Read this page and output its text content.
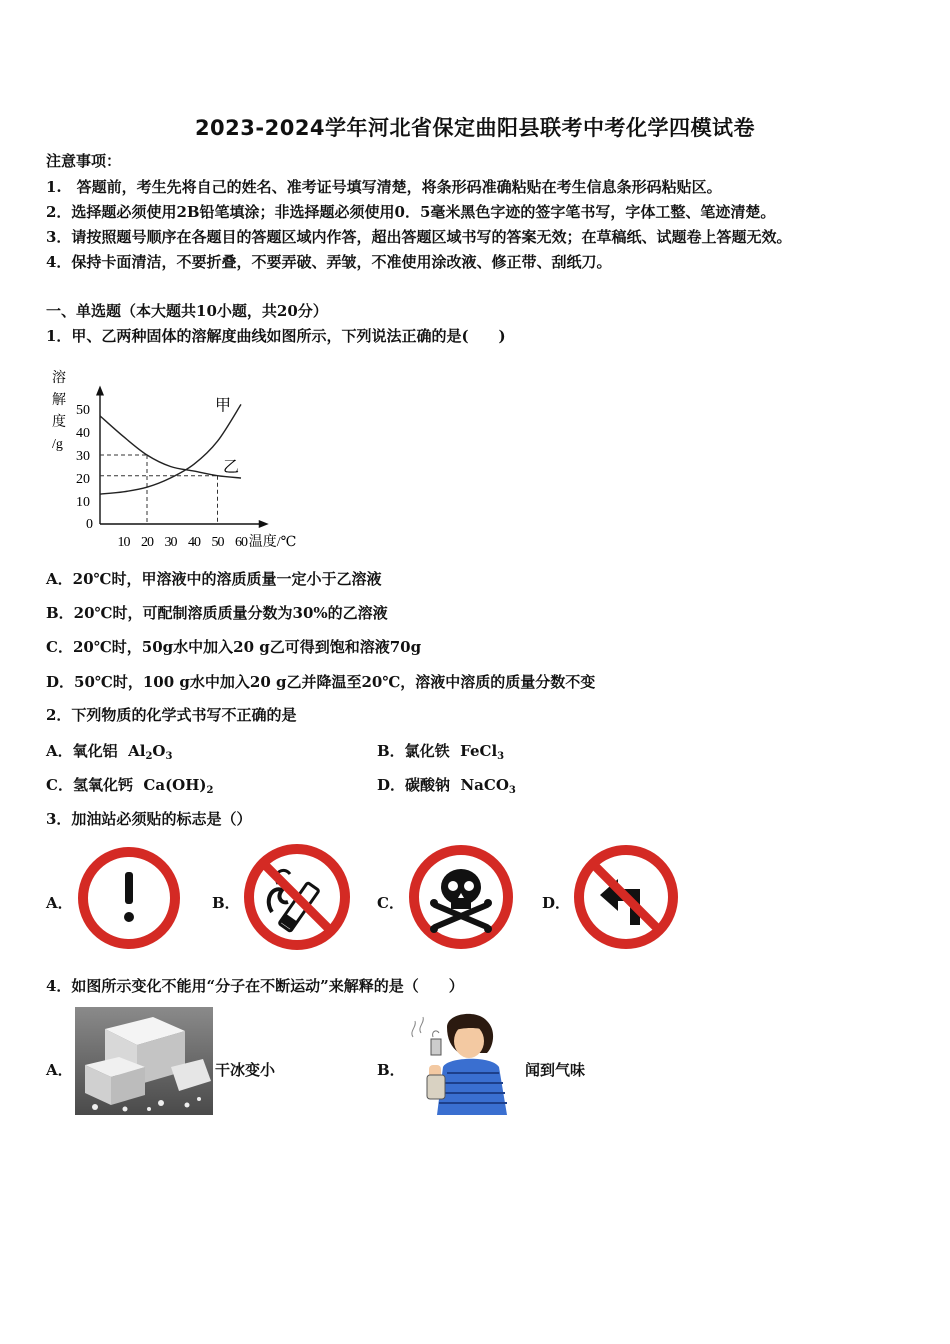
2023-2024学年河北省保定曲阳县联考中考化学四模试卷
注意事项：
1.　答题前，考生先将自己的姓名、准考证号填写清楚，将条形码准确粘贴在考生信息条形码粘贴区。
2．选择题必须使用2B铅笔填涂；非选择题必须使用0．5毫米黑色字迹的签字笔书写，字体工整、笔迹清楚。
3．请按照题号顺序在各题目的答题区域内作答，超出答题区域书写的答案无效；在草稿纸、试题卷上答题无效。
4．保持卡面清洁，不要折叠，不要弄破、弄皱，不准使用涂改液、修正带、刮纸刀。
一、单选题（本大题共10小题，共20分）
1．甲、乙两种固体的溶解度曲线如图所示，下列说法正确的是(　　)
0
10
20
30
40
50
10 20 30 40 50 60
溶
解
度
/g
温度/℃
甲
乙
A．20℃时，甲溶液中的溶质质量一定小于乙溶液
B．20℃时，可配制溶质质量分数为30%的乙溶液
C．20℃时，50g水中加入20 g乙可得到饱和溶液70g
D．50℃时，100 g水中加入20 g乙并降温至20℃，溶液中溶质的质量分数不变
2．下列物质的化学式书写不正确的是
A．氧化铝 $Al_2O_3$	B．氯化铁 FeCl$_3$
C．氢氧化钙 $Ca(OH)_2$	D．碳酸钠 NaCO$_3$
3．加油站必须贴的标志是（）
A．	B．	C．	D．
4．如图所示变化不能用“分子在不断运动”来解释的是（　　）
A．	干冰变小	B．	闻到气味
